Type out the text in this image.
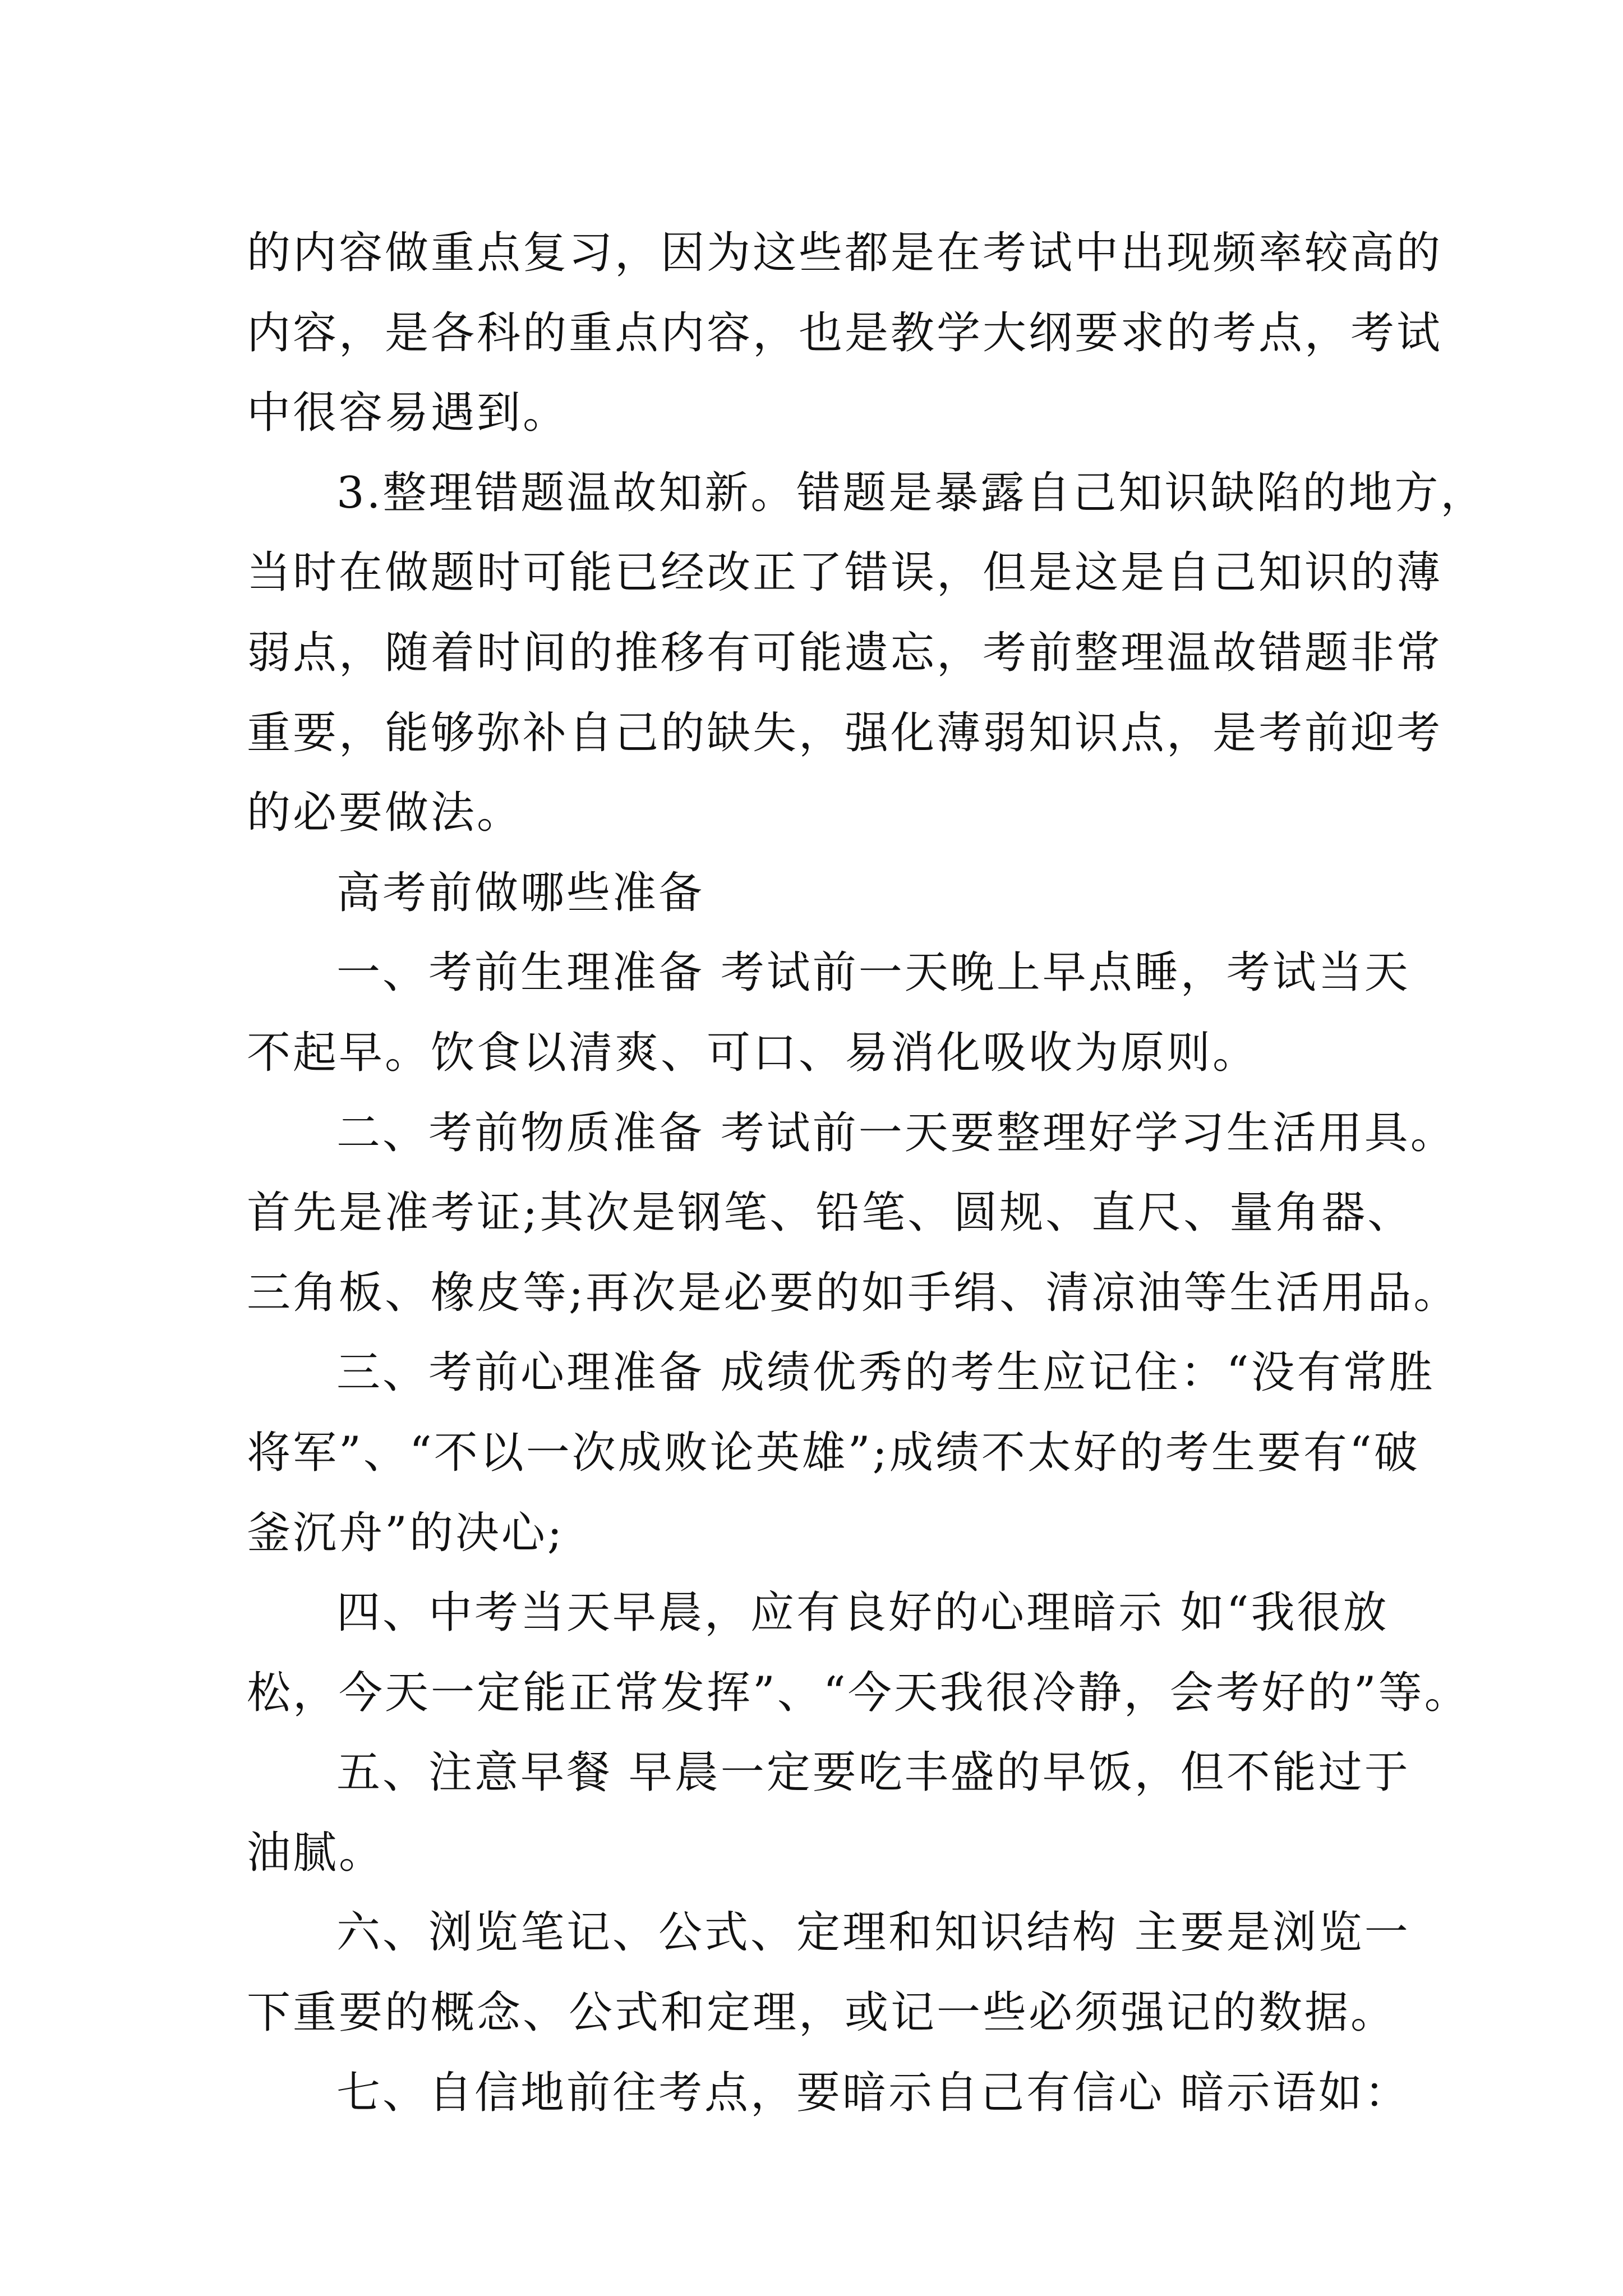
的内容做重点复习，因为这些都是在考试中出现频率较高的
内容，是各科的重点内容，也是教学大纲要求的考点，考试
中很容易遇到。
3.整理错题温故知新。错题是暴露自己知识缺陷的地方，
当时在做题时可能已经改正了错误，但是这是自己知识的薄
弱点，随着时间的推移有可能遗忘，考前整理温故错题非常
重要，能够弥补自己的缺失，强化薄弱知识点，是考前迎考
的必要做法。
高考前做哪些准备
一、考前生理准备 考试前一天晚上早点睡，考试当天
不起早。饮食以清爽、可口、易消化吸收为原则。
二、考前物质准备 考试前一天要整理好学习生活用具。
首先是准考证;其次是钢笔、铅笔、圆规、直尺、量角器、
三角板、橡皮等;再次是必要的如手绢、清凉油等生活用品。
三、考前心理准备 成绩优秀的考生应记住：“没有常胜
将军”、“不以一次成败论英雄”;成绩不太好的考生要有“破
釜沉舟”的决心;
四、中考当天早晨，应有良好的心理暗示 如“我很放
松，今天一定能正常发挥”、“今天我很冷静，会考好的”等。
五、注意早餐 早晨一定要吃丰盛的早饭，但不能过于
油腻。
六、浏览笔记、公式、定理和知识结构 主要是浏览一
下重要的概念、公式和定理，或记一些必须强记的数据。
七、自信地前往考点，要暗示自己有信心 暗示语如：
